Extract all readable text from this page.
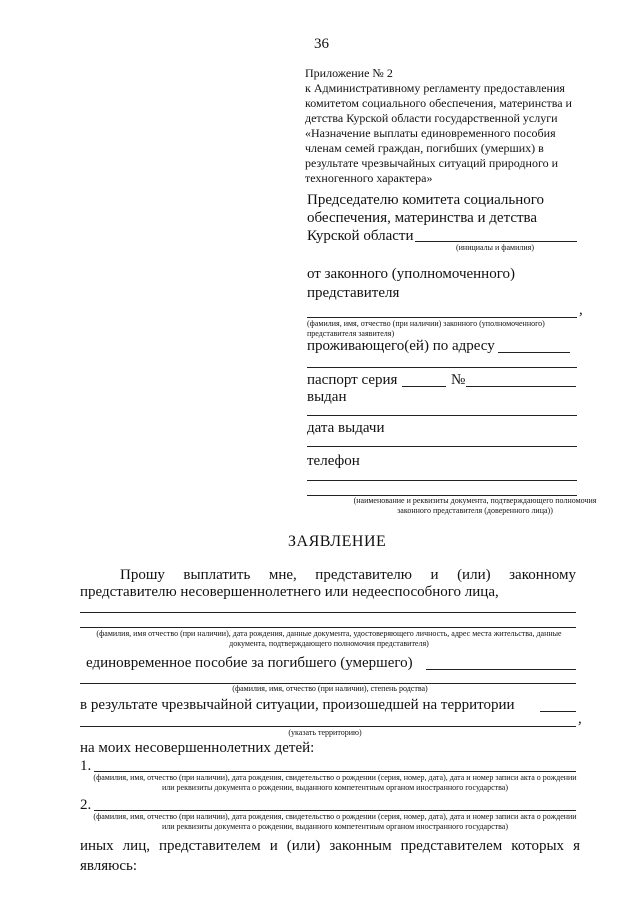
36
Приложение № 2
к Административному регламенту предоставления
комитетом социального обеспечения, материнства и
детства Курской области государственной услуги
«Назначение выплаты единовременного пособия
членам семей граждан, погибших (умерших) в
результате чрезвычайных ситуаций природного и
техногенного характера»
Председателю комитета социального
обеспечения, материнства и детства
Курской области
(инициалы и фамилия)
от законного (уполномоченного)
представителя
,
(фамилия, имя, отчество (при наличии) законного (уполномоченного) представителя заявителя)
проживающего(ей) по адресу
паспорт серия	№
выдан
дата выдачи
телефон
(наименование и реквизиты документа, подтверждающего полномочия законного представителя (доверенного лица))
ЗАЯВЛЕНИЕ
Прошу выплатить мне, представителю и (или) законному
представителю несовершеннолетнего или недееспособного лица,
(фамилия, имя отчество (при наличии), дата рождения, данные документа, удостоверяющего личность, адрес места жительства, данные документа, подтверждающего полномочия представителя)
единовременное пособие за погибшего (умершего)
(фамилия, имя, отчество (при наличии), степень родства)
в результате чрезвычайной ситуации, произошедшей на территории
,
(указать территорию)
на моих несовершеннолетних детей:
1.
(фамилия, имя, отчество (при наличии), дата рождения, свидетельство о рождении (серия, номер, дата), дата и номер записи акта о рождении или реквизиты документа о рождении, выданного компетентным органом иностранного государства)
2.
(фамилия, имя, отчество (при наличии), дата рождения, свидетельство о рождении (серия, номер, дата), дата и номер записи акта о рождении или реквизиты документа о рождении, выданного компетентным органом иностранного государства)
иных лиц, представителем и (или) законным представителем которых я
являюсь:
